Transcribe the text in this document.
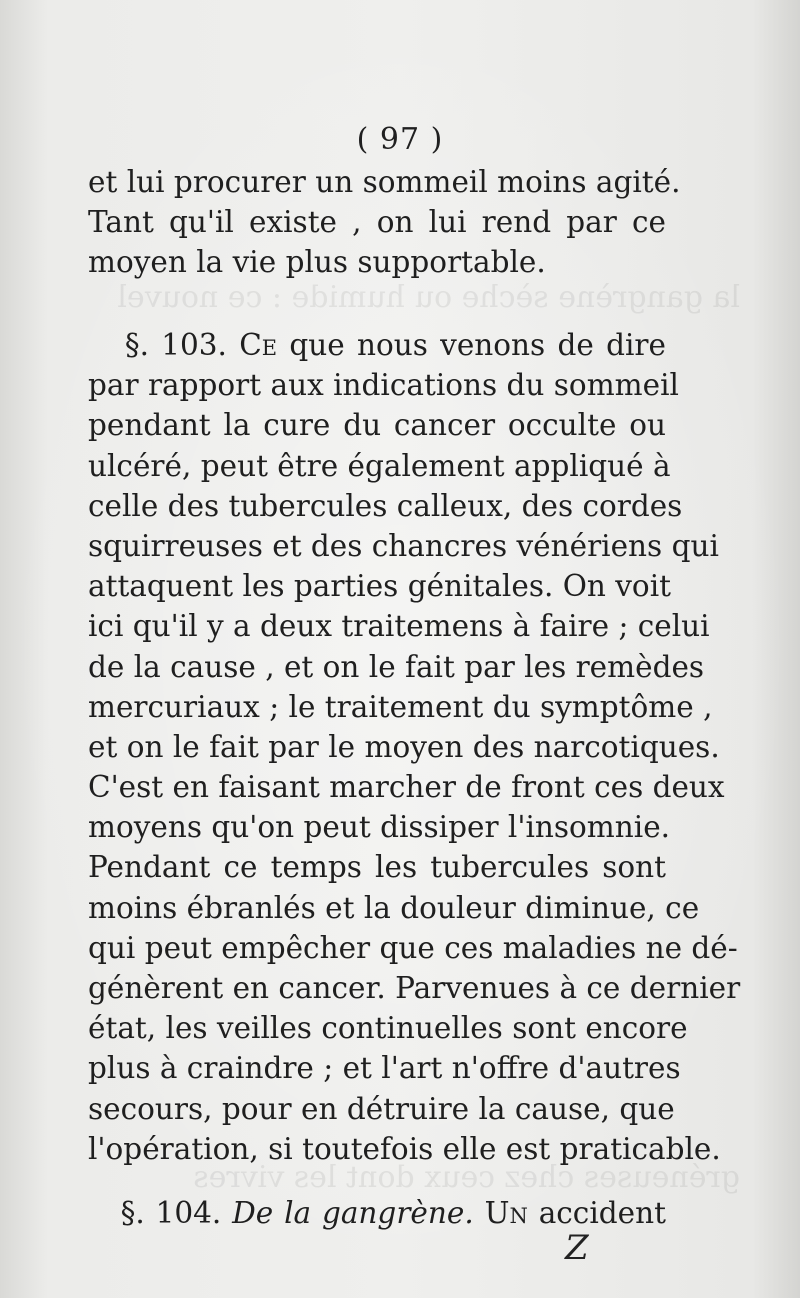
la gangrène sèche ou humide : ce nouvel
gréneuses chez ceux dont les vivres
( 97 )
et lui procurer un sommeil moins agité.
Tant qu'il existe , on lui rend par ce
moyen la vie plus supportable.
§. 103. Ce que nous venons de dire
par rapport aux indications du sommeil
pendant la cure du cancer occulte ou
ulcéré, peut être également appliqué à
celle des tubercules calleux, des cordes
squirreuses et des chancres vénériens qui
attaquent les parties génitales. On voit
ici qu'il y a deux traitemens à faire ; celui
de la cause , et on le fait par les remèdes
mercuriaux ; le traitement du symptôme ,
et on le fait par le moyen des narcotiques.
C'est en faisant marcher de front ces deux
moyens qu'on peut dissiper l'insomnie.
Pendant ce temps les tubercules sont
moins ébranlés et la douleur diminue, ce
qui peut empêcher que ces maladies ne dé-
génèrent en cancer. Parvenues à ce dernier
état, les veilles continuelles sont encore
plus à craindre ; et l'art n'offre d'autres
secours, pour en détruire la cause, que
l'opération, si toutefois elle est praticable.
§. 104. De la gangrène. Un accident
Z
